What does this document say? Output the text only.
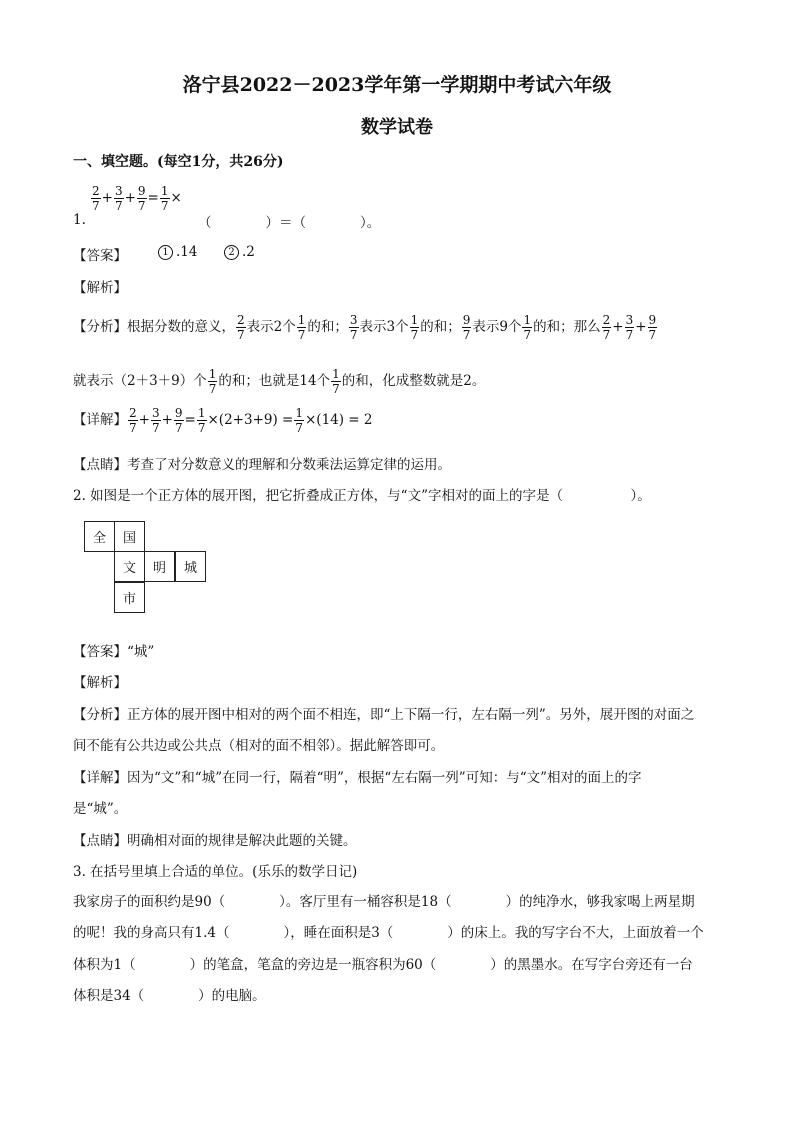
洛宁县2022－2023学年第一学期期中考试六年级
数学试卷
一、填空题。(每空1分，共26分)
$\frac{2}{7} + \frac{3}{7} + \frac{9}{7} = \frac{1}{7}$ ×
1.	（　　　　）＝（　　　　）。
【答案】	1 .14	2 .2
【解析】
【分析】根据分数的意义， $\frac{2}{7}$ 表示2个 $\frac{1}{7}$ 的和； $\frac{3}{7}$ 表示3个 $\frac{1}{7}$ 的和； $\frac{9}{7}$ 表示9个 $\frac{1}{7}$ 的和；那么 $\frac{2}{7} + \frac{3}{7} + \frac{9}{7}$
就表示（2＋3＋9）个 $\frac{1}{7}$ 的和；也就是14个 $\frac{1}{7}$ 的和，化成整数就是2。
【详解】 $\frac{2}{7} + \frac{3}{7} + \frac{9}{7} = \frac{1}{7} \times(2+3+9) = \frac{1}{7} \times(14) = 2$
【点睛】考查了对分数意义的理解和分数乘法运算定律的运用。
2. 如图是一个正方体的展开图，把它折叠成正方体，与“文”字相对的面上的字是（　　　　　）。
全	国
文	明	城
市
【答案】“城”
【解析】
【分析】正方体的展开图中相对的两个面不相连，即“上下隔一行，左右隔一列”。另外，展开图的对面之
间不能有公共边或公共点（相对的面不相邻）。据此解答即可。
【详解】因为“文”和“城”在同一行，隔着“明”，根据“左右隔一列”可知：与“文”相对的面上的字
是“城”。
【点睛】明确相对面的规律是解决此题的关键。
3. 在括号里填上合适的单位。(乐乐的数学日记)
我家房子的面积约是90（　　　　）。客厅里有一桶容积是18（　　　　）的纯净水，够我家喝上两星期
的呢！我的身高只有1.4（　　　　），睡在面积是3（　　　　）的床上。我的写字台不大，上面放着一个
体积为1（　　　　）的笔盒，笔盒的旁边是一瓶容积为60（　　　　）的黑墨水。在写字台旁还有一台
体积是34（　　　　）的电脑。
